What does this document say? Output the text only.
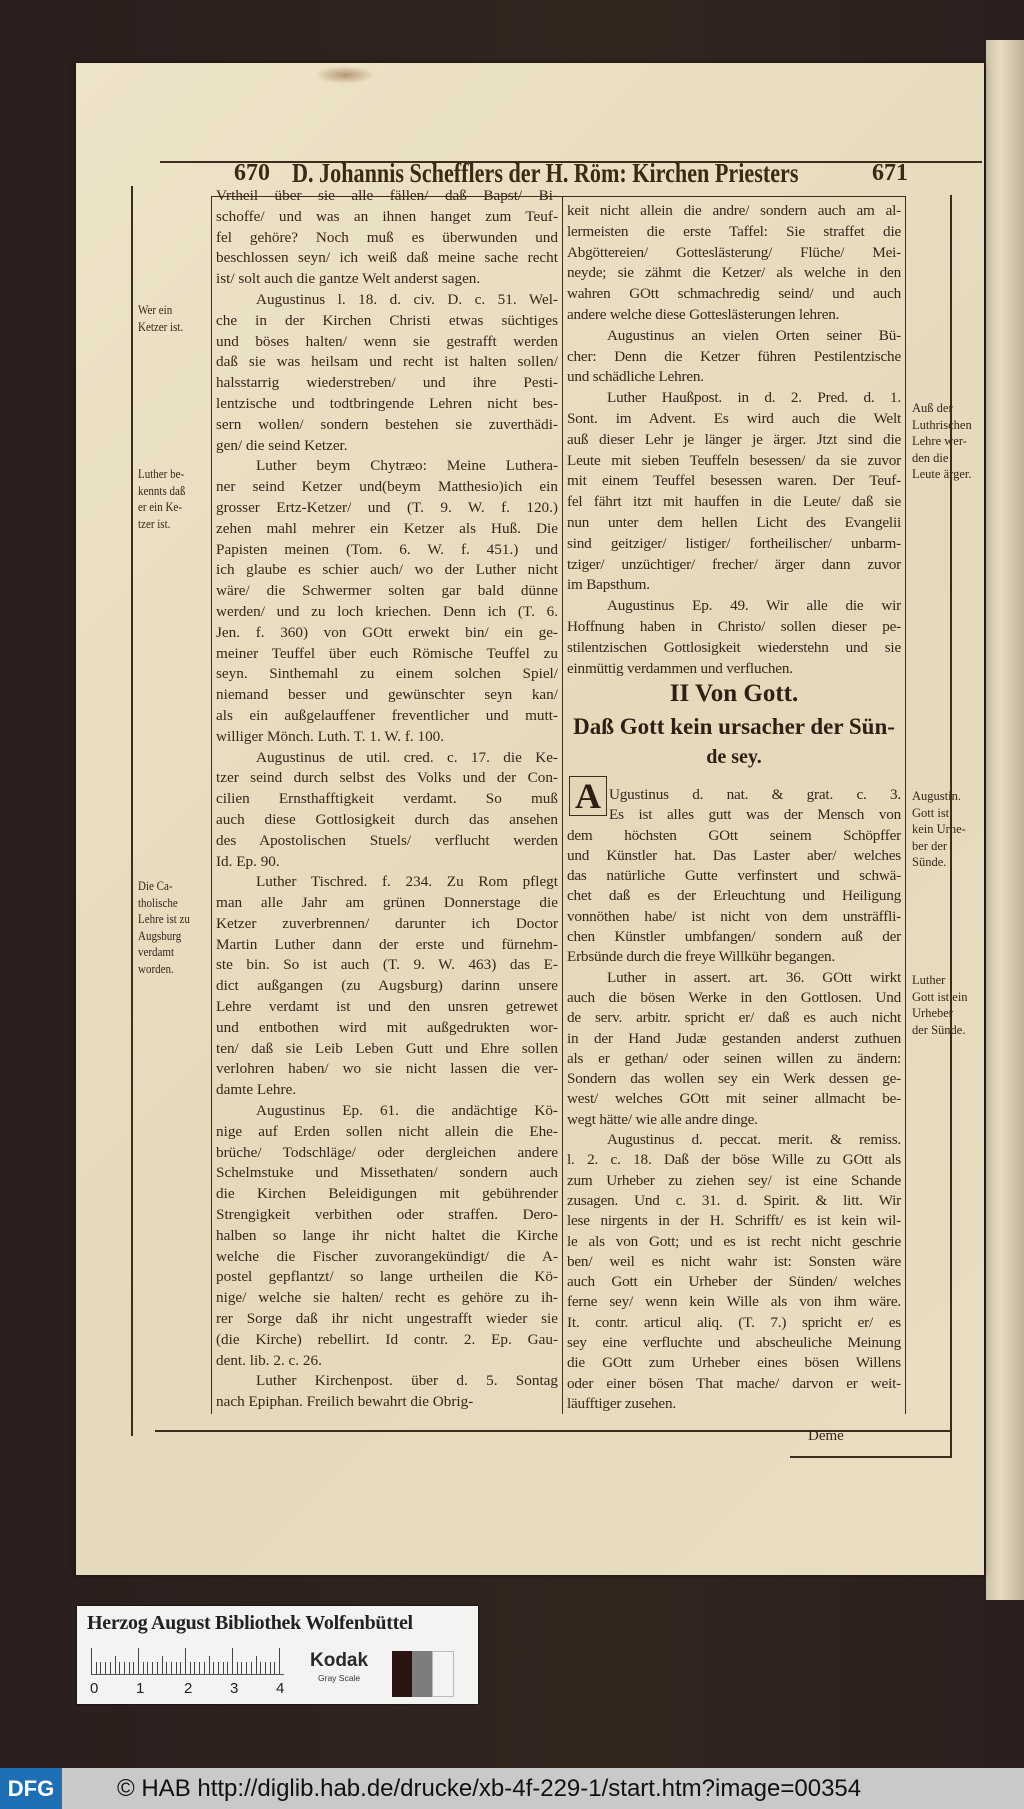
670 D. Johannis Schefflers der H. Röm: Kirchen Priesters	671
Vrtheil über sie alle fällen/ daß Bapst/ Bi-
schoffe/ und was an ihnen hanget zum Teuf-
fel gehöre? Noch muß es überwunden und
beschlossen seyn/ ich weiß daß meine sache recht
ist/ solt auch die gantze Welt anderst sagen.
Augustinus l. 18. d. civ. D. c. 51. Wel-
che in der Kirchen Christi etwas süchtiges
und böses halten/ wenn sie gestrafft werden
daß sie was heilsam und recht ist halten sollen/
halsstarrig wiederstreben/ und ihre Pesti-
lentzische und todtbringende Lehren nicht bes-
sern wollen/ sondern bestehen sie zuverthädi-
gen/ die seind Ketzer.
Luther beym Chytræo: Meine Luthera-
ner seind Ketzer und(beym Matthesio)ich ein
grosser Ertz-Ketzer/ und (T. 9. W. f. 120.)
zehen mahl mehrer ein Ketzer als Huß. Die
Papisten meinen (Tom. 6. W. f. 451.) und
ich glaube es schier auch/ wo der Luther nicht
wäre/ die Schwermer solten gar bald dünne
werden/ und zu loch kriechen. Denn ich (T. 6.
Jen. f. 360) von GOtt erwekt bin/ ein ge-
meiner Teuffel über euch Römische Teuffel zu
seyn. Sinthemahl zu einem solchen Spiel/
niemand besser und gewünschter seyn kan/
als ein außgelauffener freventlicher und mutt-
williger Mönch. Luth. T. 1. W. f. 100.
Augustinus de util. cred. c. 17. die Ke-
tzer seind durch selbst des Volks und der Con-
cilien Ernsthafftigkeit verdamt. So muß
auch diese Gottlosigkeit durch das ansehen
des Apostolischen Stuels/ verflucht werden
Id. Ep. 90.
Luther Tischred. f. 234. Zu Rom pflegt
man alle Jahr am grünen Donnerstage die
Ketzer zuverbrennen/ darunter ich Doctor
Martin Luther dann der erste und fürnehm-
ste bin. So ist auch (T. 9. W. 463) das E-
dict außgangen (zu Augsburg) darinn unsere
Lehre verdamt ist und den unsren getrewet
und entbothen wird mit außgedrukten wor-
ten/ daß sie Leib Leben Gutt und Ehre sollen
verlohren haben/ wo sie nicht lassen die ver-
damte Lehre.
Augustinus Ep. 61. die andächtige Kö-
nige auf Erden sollen nicht allein die Ehe-
brüche/ Todschläge/ oder dergleichen andere
Schelmstuke und Missethaten/ sondern auch
die Kirchen Beleidigungen mit gebührender
Strengigkeit verbithen oder straffen. Dero-
halben so lange ihr nicht haltet die Kirche
welche die Fischer zuvorangekündigt/ die A-
postel gepflantzt/ so lange urtheilen die Kö-
nige/ welche sie halten/ recht es gehöre zu ih-
rer Sorge daß ihr nicht ungestrafft wieder sie
(die Kirche) rebellirt. Id contr. 2. Ep. Gau-
dent. lib. 2. c. 26.
Luther Kirchenpost. über d. 5. Sontag
nach Epiphan. Freilich bewahrt die Obrig-
keit nicht allein die andre/ sondern auch am al-
lermeisten die erste Taffel: Sie straffet die
Abgöttereien/ Gotteslästerung/ Flüche/ Mei-
neyde; sie zähmt die Ketzer/ als welche in den
wahren GOtt schmachredig seind/ und auch
andere welche diese Gotteslästerungen lehren.
Augustinus an vielen Orten seiner Bü-
cher: Denn die Ketzer führen Pestilentzische
und schädliche Lehren.
Luther Haußpost. in d. 2. Pred. d. 1.
Sont. im Advent. Es wird auch die Welt
auß dieser Lehr je länger je ärger. Jtzt sind die
Leute mit sieben Teuffeln besessen/ da sie zuvor
mit einem Teuffel besessen waren. Der Teuf-
fel fährt itzt mit hauffen in die Leute/ daß sie
nun unter dem hellen Licht des Evangelii
sind geitziger/ listiger/ fortheilischer/ unbarm-
tziger/ unzüchtiger/ frecher/ ärger dann zuvor
im Bapsthum.
Augustinus Ep. 49. Wir alle die wir
Hoffnung haben in Christo/ sollen dieser pe-
stilentzischen Gottlosigkeit wiederstehn und sie
einmüttig verdammen und verfluchen.
II Von Gott.
Daß Gott kein ursacher der Sün-
de sey.
A Ugustinus d. nat. & grat. c. 3.
Es ist alles gutt was der Mensch von
dem höchsten GOtt seinem Schöpffer
und Künstler hat. Das Laster aber/ welches
das natürliche Gutte verfinstert und schwä-
chet daß es der Erleuchtung und Heiligung
vonnöthen habe/ ist nicht von dem unsträffli-
chen Künstler umbfangen/ sondern auß der
Erbsünde durch die freye Willkühr begangen.
Luther in assert. art. 36. GOtt wirkt
auch die bösen Werke in den Gottlosen. Und
de serv. arbitr. spricht er/ daß es auch nicht
in der Hand Judæ gestanden anderst zuthuen
als er gethan/ oder seinen willen zu ändern:
Sondern das wollen sey ein Werk dessen ge-
west/ welches GOtt mit seiner allmacht be-
wegt hätte/ wie alle andre dinge.
Augustinus d. peccat. merit. & remiss.
l. 2. c. 18. Daß der böse Wille zu GOtt als
zum Urheber zu ziehen sey/ ist eine Schande
zusagen. Und c. 31. d. Spirit. & litt. Wir
lese nirgents in der H. Schrifft/ es ist kein wil-
le als von Gott; und es ist recht nicht geschrie
ben/ weil es nicht wahr ist: Sonsten wäre
auch Gott ein Urheber der Sünden/ welches
ferne sey/ wenn kein Wille als von ihm wäre.
It. contr. articul aliq. (T. 7.) spricht er/ es
sey eine verfluchte und abscheuliche Meinung
die GOtt zum Urheber eines bösen Willens
oder einer bösen That mache/ darvon er weit-
läufftiger zusehen.
Wer ein
Ketzer ist.
Luther be-
kennts daß
er ein Ke-
tzer ist.
Die Ca-
tholische
Lehre ist zu
Augsburg
verdamt
worden.
Auß der
Luthrischen
Lehre wer-
den die
Leute ärger.
Augustin.
Gott ist
kein Urhe-
ber der
Sünde.
Luther
Gott ist ein
Urheber
der Sünde.
Deme
Herzog August Bibliothek Wolfenbüttel
0	1	2	3	4
Kodak
Gray Scale
DFG	© HAB http://diglib.hab.de/drucke/xb-4f-229-1/start.htm?image=00354
